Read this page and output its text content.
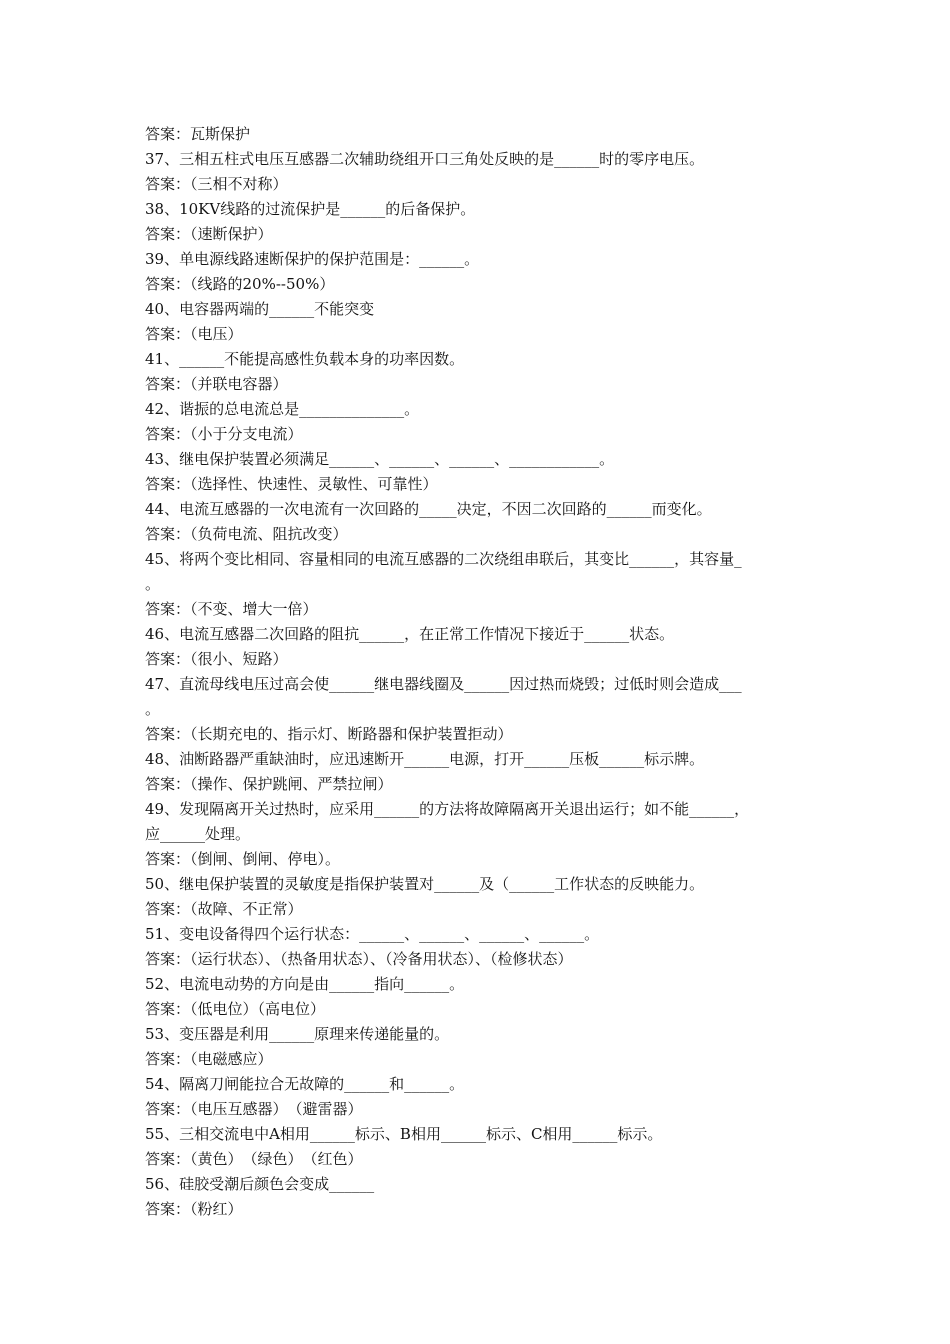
答案：瓦斯保护
37、三相五柱式电压互感器二次辅助绕组开口三角处反映的是______时的零序电压。
答案：（三相不对称）
38、10KV线路的过流保护是______的后备保护。
答案：（速断保护）
39、单电源线路速断保护的保护范围是：______。
答案：（线路的20%--50%）
40、电容器两端的______不能突变
答案：（电压）
41、______不能提高感性负载本身的功率因数。
答案：（并联电容器）
42、谐振的总电流总是______________。
答案：（小于分支电流）
43、继电保护装置必须满足______、______、______、____________。
答案：（选择性、快速性、灵敏性、可靠性）
44、电流互感器的一次电流有一次回路的_____决定，不因二次回路的______而变化。
答案：（负荷电流、阻抗改变）
45、将两个变比相同、容量相同的电流互感器的二次绕组串联后，其变比______，其容量_
。
答案：（不变、增大一倍）
46、电流互感器二次回路的阻抗______，在正常工作情况下接近于______状态。
答案：（很小、短路）
47、直流母线电压过高会使______继电器线圈及______因过热而烧毁；过低时则会造成___
。
答案：（长期充电的、指示灯、断路器和保护装置拒动）
48、油断路器严重缺油时，应迅速断开______电源，打开______压板______标示牌。
答案：（操作、保护跳闸、严禁拉闸）
49、发现隔离开关过热时，应采用______的方法将故障隔离开关退出运行；如不能______，
应______处理。
答案：（倒闸、倒闸、停电）。
50、继电保护装置的灵敏度是指保护装置对______及（______工作状态的反映能力。
答案：（故障、不正常）
51、变电设备得四个运行状态：______、______、______、______。
答案：（运行状态）、（热备用状态）、（冷备用状态）、（检修状态）
52、电流电动势的方向是由______指向______。
答案：（低电位）（高电位）
53、变压器是利用______原理来传递能量的。
答案：（电磁感应）
54、隔离刀闸能拉合无故障的______和______。
答案：（电压互感器）　（避雷器）
55、三相交流电中A相用______标示、B相用______标示、C相用______标示。
答案：（黄色）　（绿色）　（红色）
56、硅胶受潮后颜色会变成______
答案：（粉红）
